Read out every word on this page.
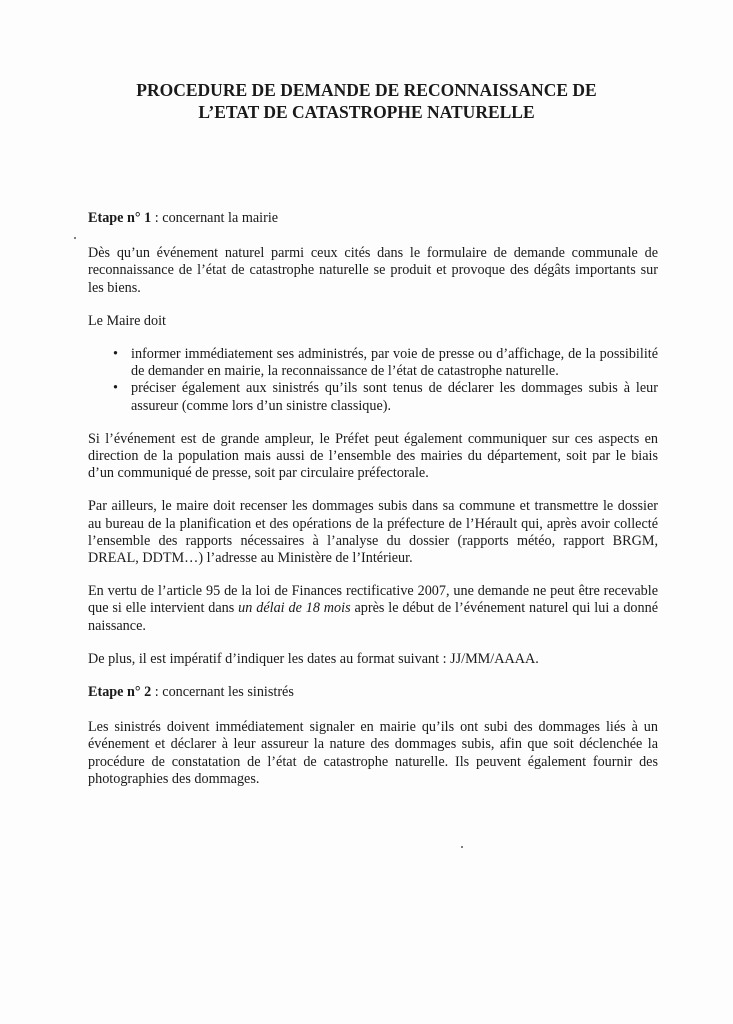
PROCEDURE DE DEMANDE DE RECONNAISSANCE DE
L’ETAT DE CATASTROPHE NATURELLE

Etape n° 1 : concernant la mairie

Dès qu’un événement naturel parmi ceux cités dans le formulaire de demande communale de reconnaissance de l’état de catastrophe naturelle se produit et provoque des dégâts importants sur les biens.

Le Maire doit

• informer immédiatement ses administrés, par voie de presse ou d’affichage, de la possibilité de demander en mairie, la reconnaissance de l’état de catastrophe naturelle.
• préciser également aux sinistrés qu’ils sont tenus de déclarer les dommages subis à leur assureur (comme lors d’un sinistre classique).

Si l’événement est de grande ampleur, le Préfet peut également communiquer sur ces aspects en direction de la population mais aussi de l’ensemble des mairies du département, soit par le biais d’un communiqué de presse, soit par circulaire préfectorale.

Par ailleurs, le maire doit recenser les dommages subis dans sa commune et transmettre le dossier au bureau de la planification et des opérations de la préfecture de l’Hérault qui, après avoir collecté l’ensemble des rapports nécessaires à l’analyse du dossier (rapports météo, rapport BRGM, DREAL, DDTM…) l’adresse au Ministère de l’Intérieur.

En vertu de l’article 95 de la loi de Finances rectificative 2007, une demande ne peut être recevable que si elle intervient dans un délai de 18 mois après le début de l’événement naturel qui lui a donné naissance.

De plus, il est impératif d’indiquer les dates au format suivant : JJ/MM/AAAA.

Etape n° 2 : concernant les sinistrés

Les sinistrés doivent immédiatement signaler en mairie qu’ils ont subi des dommages liés à un événement et déclarer à leur assureur la nature des dommages subis, afin que soit déclenchée la procédure de constatation de l’état de catastrophe naturelle. Ils peuvent également fournir des photographies des dommages.
